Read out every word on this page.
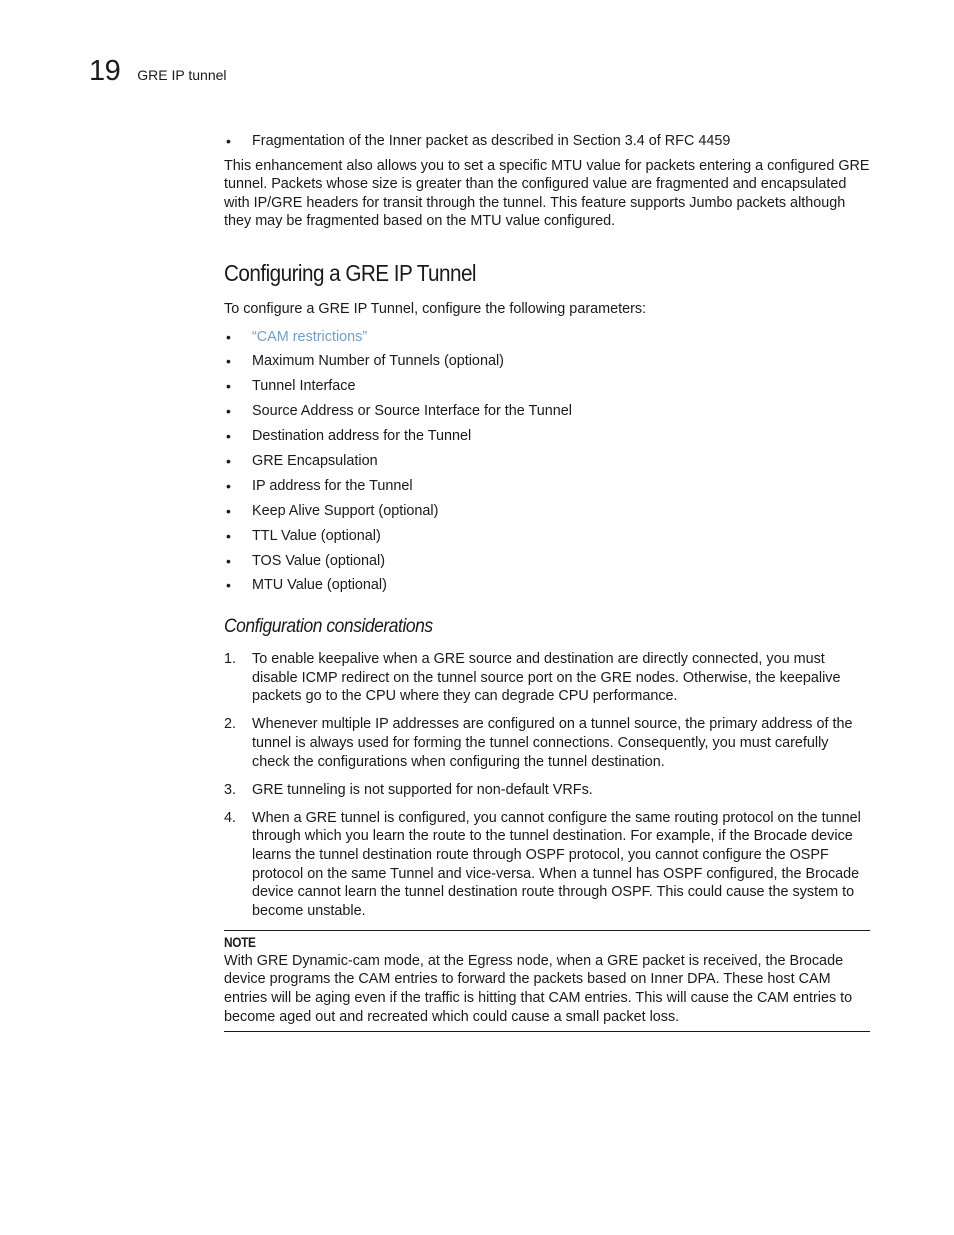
19 GRE IP tunnel
• Fragmentation of the Inner packet as described in Section 3.4 of RFC 4459

This enhancement also allows you to set a specific MTU value for packets entering a configured GRE tunnel. Packets whose size is greater than the configured value are fragmented and encapsulated with IP/GRE headers for transit through the tunnel. This feature supports Jumbo packets although they may be fragmented based on the MTU value configured.

Configuring a GRE IP Tunnel

To configure a GRE IP Tunnel, configure the following parameters:

• “CAM restrictions”
• Maximum Number of Tunnels (optional)
• Tunnel Interface
• Source Address or Source Interface for the Tunnel
• Destination address for the Tunnel
• GRE Encapsulation
• IP address for the Tunnel
• Keep Alive Support (optional)
• TTL Value (optional)
• TOS Value (optional)
• MTU Value (optional)
Configuration considerations
1. To enable keepalive when a GRE source and destination are directly connected, you must disable ICMP redirect on the tunnel source port on the GRE nodes. Otherwise, the keepalive packets go to the CPU where they can degrade CPU performance.
2. Whenever multiple IP addresses are configured on a tunnel source, the primary address of the tunnel is always used for forming the tunnel connections. Consequently, you must carefully check the configurations when configuring the tunnel destination.
3. GRE tunneling is not supported for non-default VRFs.
4. When a GRE tunnel is configured, you cannot configure the same routing protocol on the tunnel through which you learn the route to the tunnel destination. For example, if the Brocade device learns the tunnel destination route through OSPF protocol, you cannot configure the OSPF protocol on the same Tunnel and vice-versa. When a tunnel has OSPF configured, the Brocade device cannot learn the tunnel destination route through OSPF. This could cause the system to become unstable.
NOTE

With GRE Dynamic-cam mode, at the Egress node, when a GRE packet is received, the Brocade device programs the CAM entries to forward the packets based on Inner DPA. These host CAM entries will be aging even if the traffic is hitting that CAM entries. This will cause the CAM entries to become aged out and recreated which could cause a small packet loss.
